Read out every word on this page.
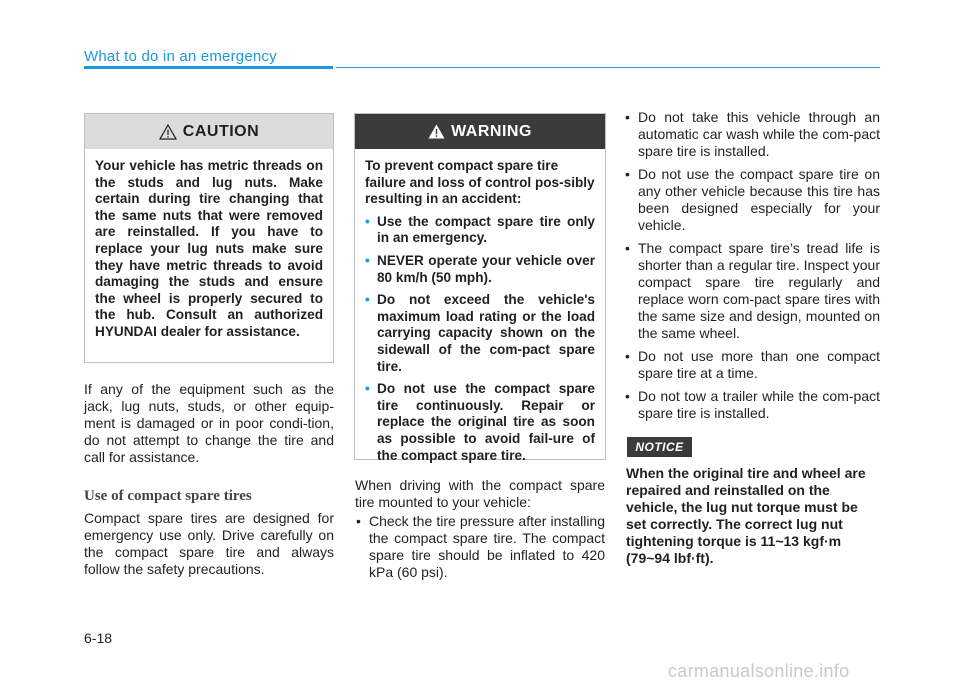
What to do in an emergency
CAUTION
Your vehicle has metric threads on the studs and lug nuts. Make certain during tire changing that the same nuts that were removed are reinstalled. If you have to replace your lug nuts make sure they have metric threads to avoid damaging the studs and ensure the wheel is properly secured to the hub. Consult an authorized HYUNDAI dealer for assistance.

If any of the equipment such as the jack, lug nuts, studs, or other equip-ment is damaged or in poor condi-tion, do not attempt to change the tire and call for assistance.

Use of compact spare tires

Compact spare tires are designed for emergency use only. Drive carefully on the compact spare tire and always follow the safety precautions.

WARNING

To prevent compact spare tire failure and loss of control pos-sibly resulting in an accident:

• Use the compact spare tire only in an emergency.
• NEVER operate your vehicle over 80 km/h (50 mph).
• Do not exceed the vehicle's maximum load rating or the load carrying capacity shown on the sidewall of the com-pact spare tire.
• Do not use the compact spare tire continuously. Repair or replace the original tire as soon as possible to avoid fail-ure of the compact spare tire.

When driving with the compact spare tire mounted to your vehicle:

• Check the tire pressure after installing the compact spare tire. The compact spare tire should be inflated to 420 kPa (60 psi).
• Do not take this vehicle through an automatic car wash while the com-pact spare tire is installed.
• Do not use the compact spare tire on any other vehicle because this tire has been designed especially for your vehicle.
• The compact spare tire’s tread life is shorter than a regular tire. Inspect your compact spare tire regularly and replace worn com-pact spare tires with the same size and design, mounted on the same wheel.
• Do not use more than one compact spare tire at a time.
• Do not tow a trailer while the com-pact spare tire is installed.
NOTICE

When the original tire and wheel are repaired and reinstalled on the vehicle, the lug nut torque must be set correctly. The correct lug nut tightening torque is 11~13 kgf·m (79~94 lbf·ft).

6-18
carmanualsonline.info
